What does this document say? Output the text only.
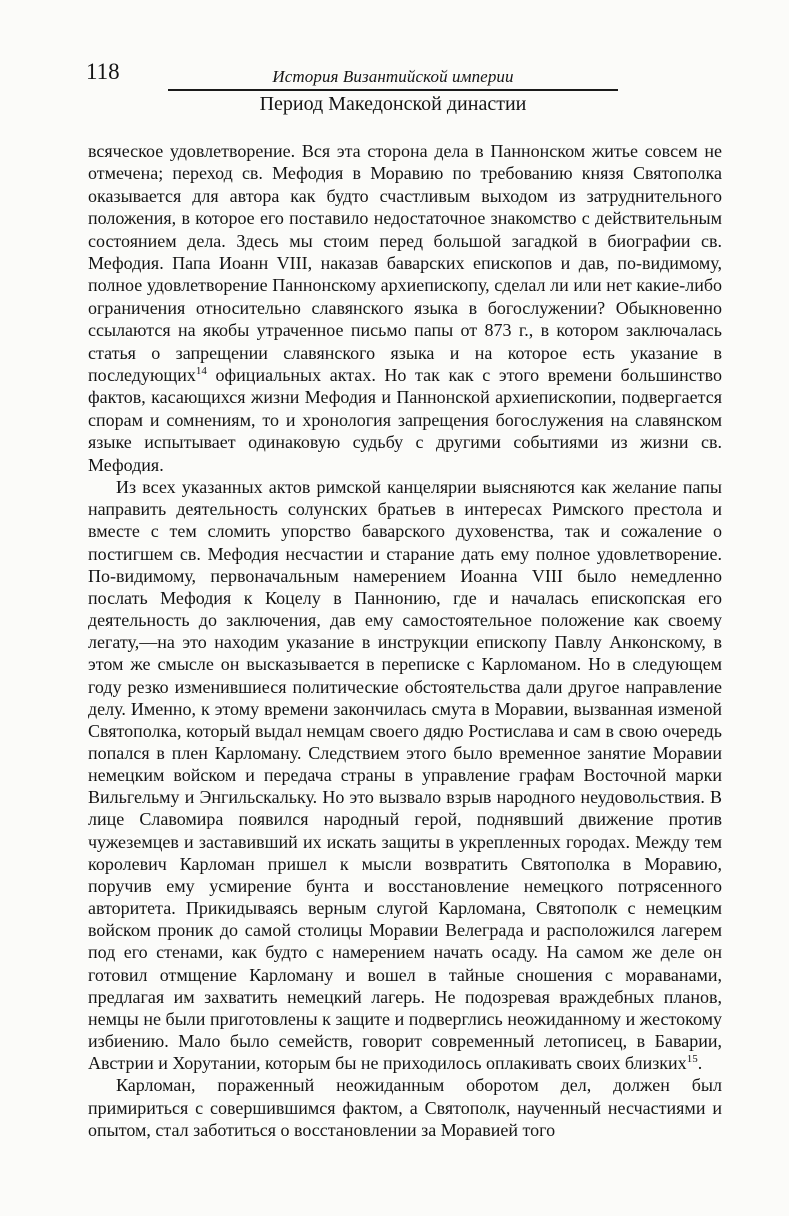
118	История Византийской империи
Период Македонской династии

всяческое удовлетворение. Вся эта сторона дела в Паннонском житье совсем не отмечена; переход св. Мефодия в Моравию по требованию князя Святополка оказывается для автора как будто счастливым выходом из затруднительного положения, в которое его поставило недостаточное знакомство с действительным состоянием дела. Здесь мы стоим перед большой загадкой в биографии св. Мефодия. Папа Иоанн VIII, наказав баварских епископов и дав, по-видимому, полное удовлетворение Паннонскому архиепископу, сделал ли или нет какие-либо ограничения относительно славянского языка в богослужении? Обыкновенно ссылаются на якобы утраченное письмо папы от 873 г., в котором заключалась статья о запрещении славянского языка и на которое есть указание в последующих$^{14}$ официальных актах. Но так как с этого времени большинство фактов, касающихся жизни Мефодия и Паннонской архиепископии, подвергается спорам и сомнениям, то и хронология запрещения богослужения на славянском языке испытывает одинаковую судьбу с другими событиями из жизни св. Мефодия.

Из всех указанных актов римской канцелярии выясняются как желание папы направить деятельность солунских братьев в интересах Римского престола и вместе с тем сломить упорство баварского духовенства, так и сожаление о постигшем св. Мефодия несчастии и старание дать ему полное удовлетворение. По-видимому, первоначальным намерением Иоанна VIII было немедленно послать Мефодия к Коцелу в Паннонию, где и началась епископская его деятельность до заключения, дав ему самостоятельное положение как своему легату,—на это находим указание в инструкции епископу Павлу Анконскому, в этом же смысле он высказывается в переписке с Карломаном. Но в следующем году резко изменившиеся политические обстоятельства дали другое направление делу. Именно, к этому времени закончилась смута в Моравии, вызванная изменой Святополка, который выдал немцам своего дядю Ростислава и сам в свою очередь попался в плен Карломану. Следствием этого было временное занятие Моравии немецким войском и передача страны в управление графам Восточной марки Вильгельму и Энгильскальку. Но это вызвало взрыв народного неудовольствия. В лице Славомира появился народный герой, поднявший движение против чужеземцев и заставивший их искать защиты в укрепленных городах. Между тем королевич Карломан пришел к мысли возвратить Святополка в Моравию, поручив ему усмирение бунта и восстановление немецкого потрясенного авторитета. Прикидываясь верным слугой Карломана, Святополк с немецким войском проник до самой столицы Моравии Велеграда и расположился лагерем под его стенами, как будто с намерением начать осаду. На самом же деле он готовил отмщение Карломану и вошел в тайные сношения с мораванами, предлагая им захватить немецкий лагерь. Не подозревая враждебных планов, немцы не были приготовлены к защите и подверглись неожиданному и жестокому избиению. Мало было семейств, говорит современный летописец, в Баварии, Австрии и Хорутании, которым бы не приходилось оплакивать своих близких$^{15}$.

Карломан, пораженный неожиданным оборотом дел, должен был примириться с совершившимся фактом, а Святополк, наученный несчастиями и опытом, стал заботиться о восстановлении за Моравией того
